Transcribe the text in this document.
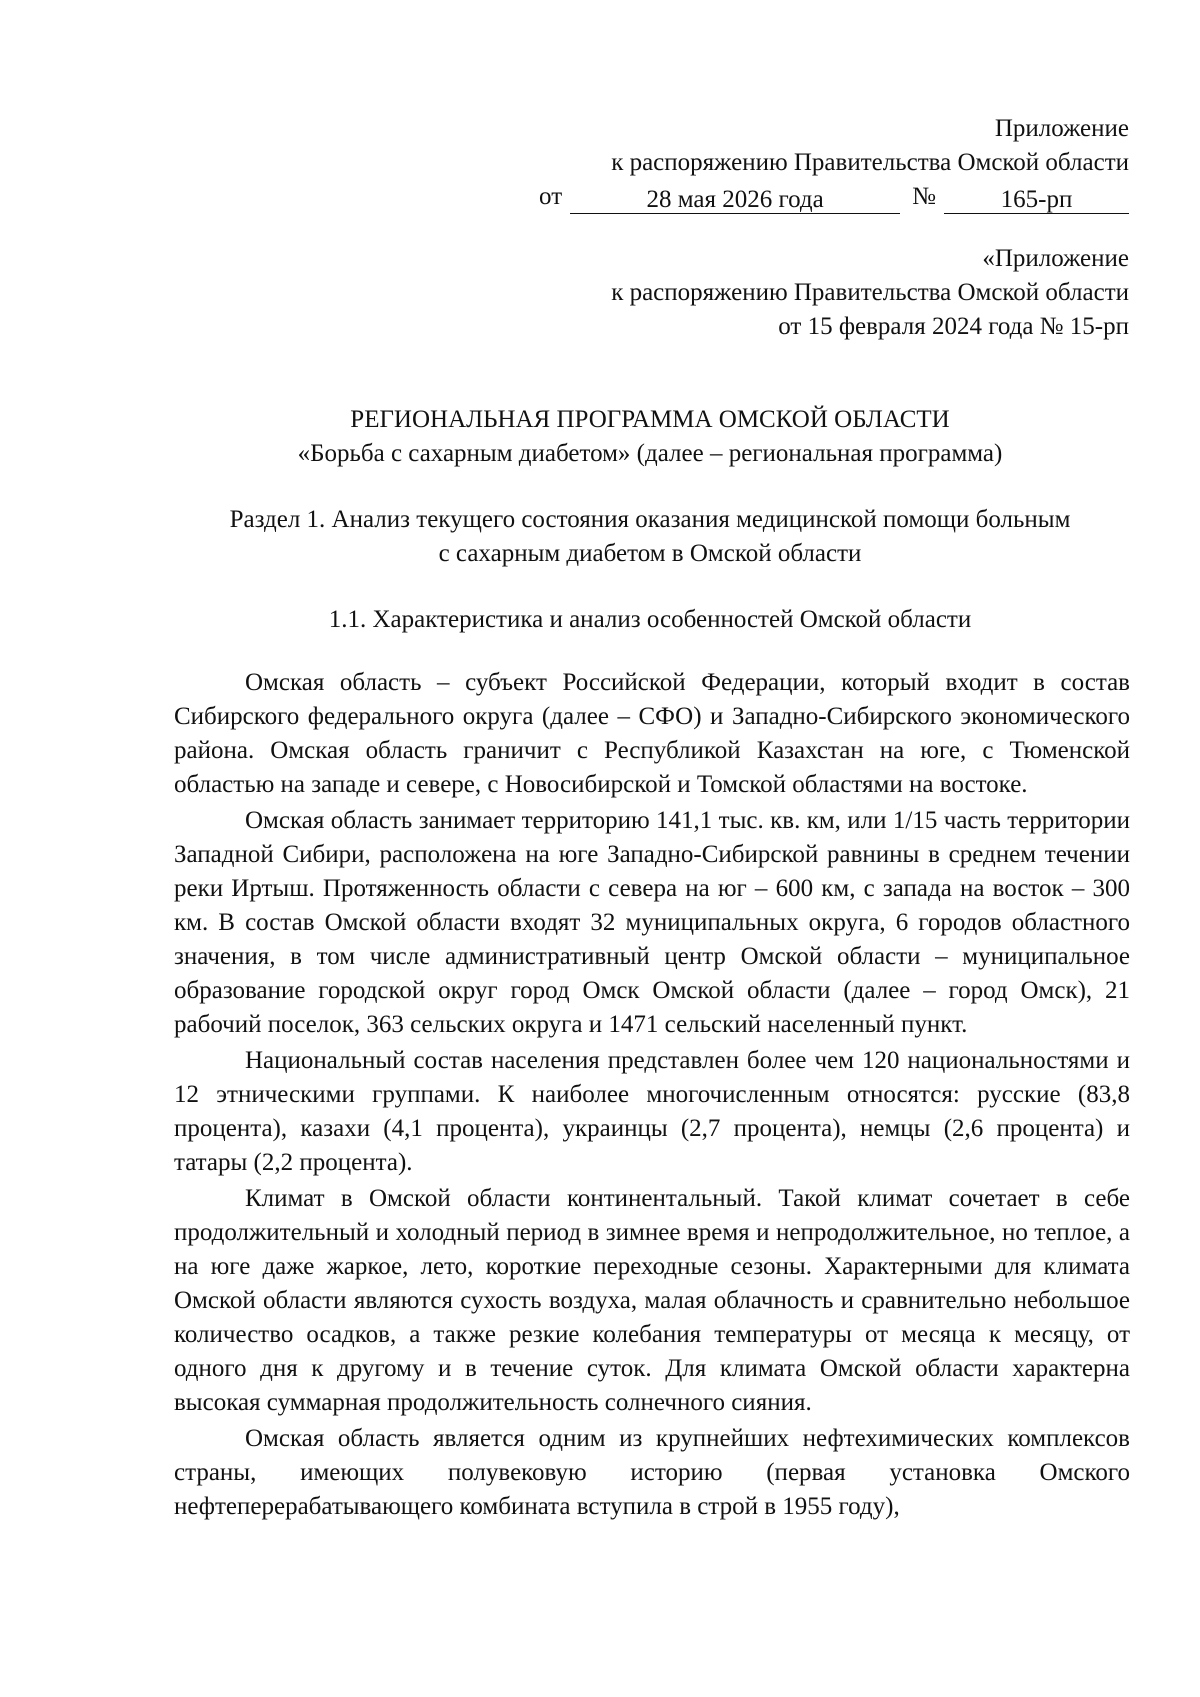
Приложение
к распоряжению Правительства Омской области
от	28 мая 2026 года	№	165-рп
«Приложение
к распоряжению Правительства Омской области
от 15 февраля 2024 года № 15-рп
РЕГИОНАЛЬНАЯ ПРОГРАММА ОМСКОЙ ОБЛАСТИ
«Борьба с сахарным диабетом» (далее – региональная программа)
Раздел 1. Анализ текущего состояния оказания медицинской помощи больным
с сахарным диабетом в Омской области
1.1. Характеристика и анализ особенностей Омской области

Омская область – субъект Российской Федерации, который входит в состав Сибирского федерального округа (далее – СФО) и Западно-Сибирского экономического района. Омская область граничит с Республикой Казахстан на юге, с Тюменской областью на западе и севере, с Новосибирской и Томской областями на востоке.

Омская область занимает территорию 141,1 тыс. кв. км, или 1/15 часть территории Западной Сибири, расположена на юге Западно-Сибирской равнины в среднем течении реки Иртыш. Протяженность области с севера на юг – 600 км, с запада на восток – 300 км. В состав Омской области входят 32 муниципальных округа, 6 городов областного значения, в том числе административный центр Омской области – муниципальное образование городской округ город Омск Омской области (далее – город Омск), 21 рабочий поселок, 363 сельских округа и 1471 сельский населенный пункт.

Национальный состав населения представлен более чем 120 национальностями и 12 этническими группами. К наиболее многочисленным относятся: русские (83,8 процента), казахи (4,1 процента), украинцы (2,7 процента), немцы (2,6 процента) и татары (2,2 процента).

Климат в Омской области континентальный. Такой климат сочетает в себе продолжительный и холодный период в зимнее время и непродолжительное, но теплое, а на юге даже жаркое, лето, короткие переходные сезоны. Характерными для климата Омской области являются сухость воздуха, малая облачность и сравнительно небольшое количество осадков, а также резкие колебания температуры от месяца к месяцу, от одного дня к другому и в течение суток. Для климата Омской области характерна высокая суммарная продолжительность солнечного сияния.

Омская область является одним из крупнейших нефтехимических комплексов страны, имеющих полувековую историю (первая установка Омского нефтеперерабатывающего комбината вступила в строй в 1955 году),
